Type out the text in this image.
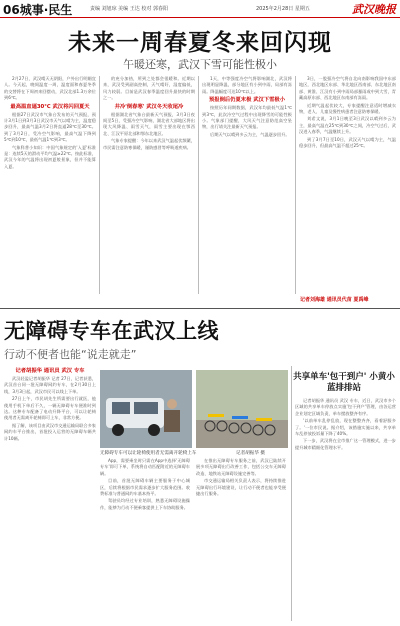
06城事·民生	责编 刘旭琼 美编 王达 校对 郭春阳	2025年2月28日 星期五	武汉晚报
未来一周春夏冬来回闪现
午暖还寒，武汉下雪可能性极小

2月27日，武汉晴天无阴阳，户外出行明媚宜人。今天起，晚间温度一周，温度面和春夏冬季的交替将在下周初来回摆动，武汉北部1.3万余位到6℃。

最高温直逼30℃ 武汉将闪回夏天

根据27日武汉市气象台发布的天气预报，预计3月1日到3月3日武汉市天气以晴为主，温度稳步回升，最高气温3月2日将直逼28℃至30℃。到了3月2日，受冷空气影响，最高气温下降到5℃到10℃，最低气温1℃到3℃。

气象科普小知识：中国气象规定的'入夏'标准是：连续5天的滑动平均气温≥22℃。按此标准，武汉今年的气温将出现初夏般景象，但并不能算入夏。

的充分加热，所到之处都会很暖和。近期以来，武汉受到副高控制，天气晴好，湿度偏低，风力较弱。目前是武汉春季温度回升最快的时期之一。

井冷'倒春寒' 武汉冬天收尾冷

根据湖北省气象台最新天气预报，3月3日夜间至5日，受强冷空气影响，湖北省大部地区将出现大风降温、雨雪天气，雨雪主要出现在鄂西北、江汉平原北部和鄂东北地区。

气象专家提醒：今年以来武汉气温起伏频繁，市民需注意防寒保暖，谨防感冒等呼吸道疾病。

1天，中等强度冷空气将影响湖北，武汉将出现明显降温，部分地区有小到中雨，局部有冻雨。降温幅度可达10℃以上。

预报倒后仍夏末极 武汉下雪极小

按照历年同期数据，武汉年均最低气温1℃到3℃，此次冷空气过程中出现降雪的可能性极小。气象部门提醒，大风天气注意防范高空坠物，出行请关注最新天气预报。

后期天气以晴到多云为主，气温逐步回升。

3日，一股强冷空气将自北向南影响我国中东部地区，西北地区东部、华北地区西南部、东北地区南部、黄淮、江汉有小到中雨局部暴雨或中到大雪，青藏高原东部、西北地区东南部有冻雨。

近期气温起伏较大，专家提醒注意适时增减衣物，老人、儿童及慢性病患者注意防寒保暖。

刘希文说，3月1日晚至3日武汉以晴到多云为主，最高气温在25℃到30℃之间，冷空气过后，武汉进入春季，气温继续上升。

到了3月7日至10日，武汉天气以晴为主，气温稳步回升，但最高气温不超过25℃。

记者刘海雄 通讯员代苗 夏禹峰
无障碍专车在武汉上线
行动不便者也能“说走就走”

记者胡振华 通讯员 武汉 专车

武汉轻盈记者胡振华 记者 27日，记者获悉，武汉首台同一批无障碍网约专车，在2月30日上线，3月3日起，武汉市民可以线上下单。

27日上午，市民胡先生所需要出行就医，他使用手机下单后不久，一辆无障碍专车便准时到达。这种专车配备了电动升降平台，可以让轮椅使用者无需离开轮椅即可上车，非常方便。

据了解，该项目由武汉市交通运输局联合多家网约车平台推出，首批投入运营的无障碍车辆共计10辆。

无障碍专车可以让轮椅使用者无需离开轮椅上车	记者胡振华 摄

App，需要乘坐时只需在App中选择'无障碍专车'即可下单，系统将自动匹配附近的无障碍车辆。

目前，首批无障碍车辆主要服务于中心城区，后续将根据市民需求逐步扩大服务范围。收费标准与普通网约车基本持平。

驾驶员均经过专业培训，熟悉无障碍设施操作，能够为行动不便乘客提供上下车协助服务。

在推出无障碍专车服务之前，武汉已陆续开展多项无障碍出行改善工作，包括公交车无障碍改造、地铁站无障碍设施完善等。

市交通运输局相关负责人表示，将持续推进无障碍出行环境建设，让行动不便者也能享受便捷出行服务。

共享单车'包干到户' 小黄小蓝排排站

记者胡振华 通讯员 武汉 专车，近日，武汉市多个区域的共享单车停放点实施'包干到户'管理，由各运营企业划定区域负责，单车摆放整齐有序。

'以前单车乱停乱放，现在整整齐齐，看着舒服多了。'一位市民说。据介绍，该措施实施以来，共享单车乱停放投诉量下降了40%。

下一步，武汉将在全市推广这一管理模式，进一步提升城市精细化管理水平。
